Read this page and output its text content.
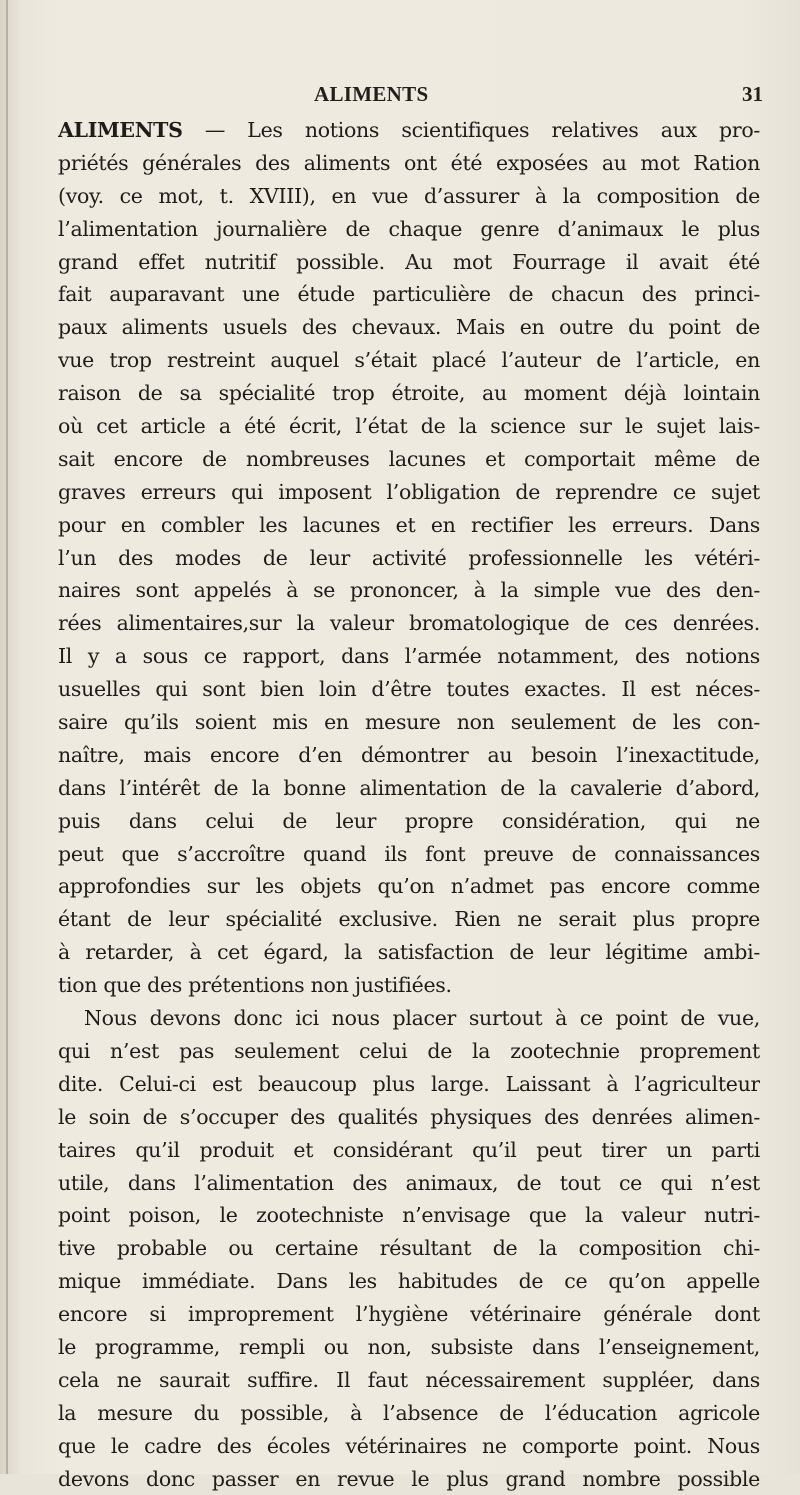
ALIMENTS	31
ALIMENTS — Les notions scientifiques relatives aux pro-
priétés générales des aliments ont été exposées au mot Ration
(voy. ce mot, t. XVIII), en vue d’assurer à la composition de
l’alimentation journalière de chaque genre d’animaux le plus
grand effet nutritif possible. Au mot Fourrage il avait été
fait auparavant une étude particulière de chacun des princi-
paux aliments usuels des chevaux. Mais en outre du point de
vue trop restreint auquel s’était placé l’auteur de l’article, en
raison de sa spécialité trop étroite, au moment déjà lointain
où cet article a été écrit, l’état de la science sur le sujet lais-
sait encore de nombreuses lacunes et comportait même de
graves erreurs qui imposent l’obligation de reprendre ce sujet
pour en combler les lacunes et en rectifier les erreurs. Dans
l’un des modes de leur activité professionnelle les vétéri-
naires sont appelés à se prononcer, à la simple vue des den-
rées alimentaires,sur la valeur bromatologique de ces denrées.
Il y a sous ce rapport, dans l’armée notamment, des notions
usuelles qui sont bien loin d’être toutes exactes. Il est néces-
saire qu’ils soient mis en mesure non seulement de les con-
naître, mais encore d’en démontrer au besoin l’inexactitude,
dans l’intérêt de la bonne alimentation de la cavalerie d’abord,
puis dans celui de leur propre considération, qui ne
peut que s’accroître quand ils font preuve de connaissances
approfondies sur les objets qu’on n’admet pas encore comme
étant de leur spécialité exclusive. Rien ne serait plus propre
à retarder, à cet égard, la satisfaction de leur légitime ambi-
tion que des prétentions non justifiées.
Nous devons donc ici nous placer surtout à ce point de vue,
qui n’est pas seulement celui de la zootechnie proprement
dite. Celui-ci est beaucoup plus large. Laissant à l’agriculteur
le soin de s’occuper des qualités physiques des denrées alimen-
taires qu’il produit et considérant qu’il peut tirer un parti
utile, dans l’alimentation des animaux, de tout ce qui n’est
point poison, le zootechniste n’envisage que la valeur nutri-
tive probable ou certaine résultant de la composition chi-
mique immédiate. Dans les habitudes de ce qu’on appelle
encore si improprement l’hygiène vétérinaire générale dont
le programme, rempli ou non, subsiste dans l’enseignement,
cela ne saurait suffire. Il faut nécessairement suppléer, dans
la mesure du possible, à l’absence de l’éducation agricole
que le cadre des écoles vétérinaires ne comporte point. Nous
devons donc passer en revue le plus grand nombre possible
